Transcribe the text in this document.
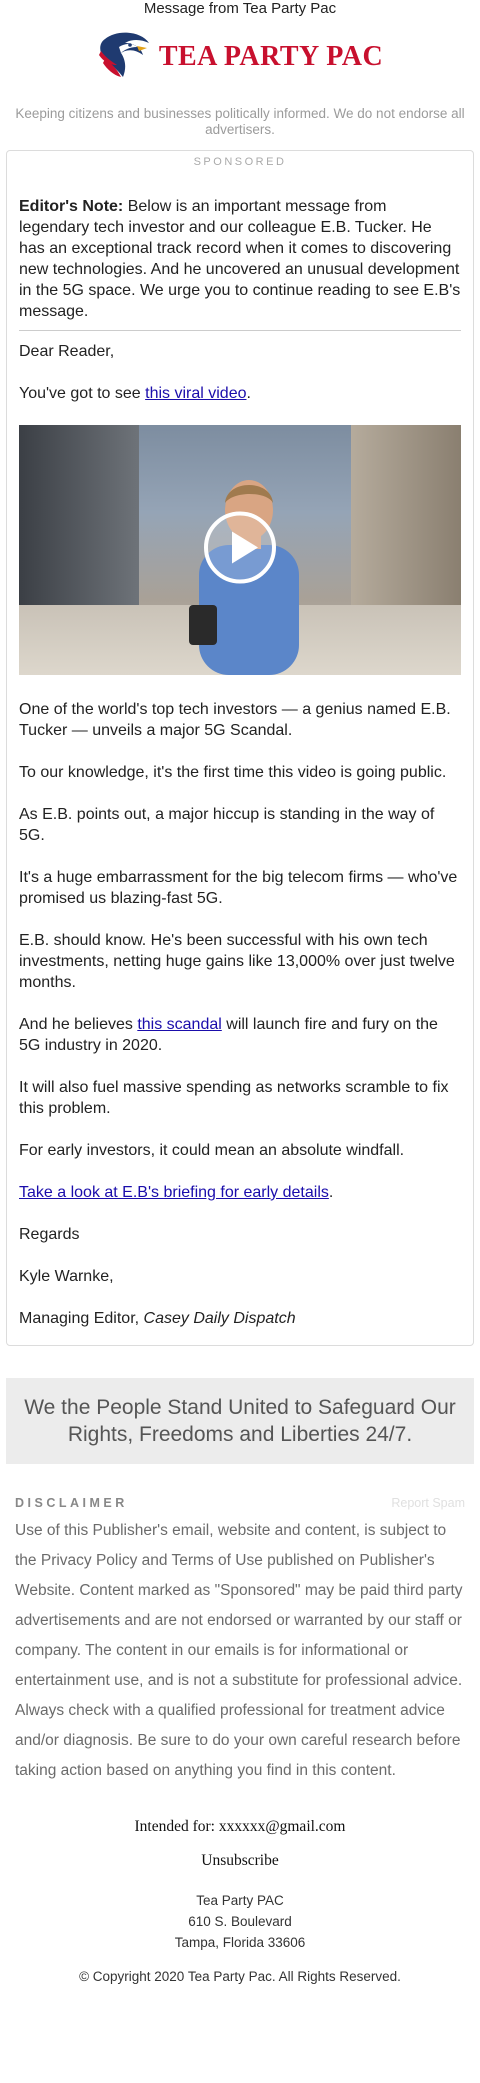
Message from Tea Party Pac
TEA PARTY PAC
Keeping citizens and businesses politically informed. We do not endorse all advertisers.
SPONSORED
Editor's Note: Below is an important message from legendary tech investor and our colleague E.B. Tucker. He has an exceptional track record when it comes to discovering new technologies. And he uncovered an unusual development in the 5G space. We urge you to continue reading to see E.B's message.

Dear Reader,

You've got to see this viral video.

One of the world's top tech investors — a genius named E.B. Tucker — unveils a major 5G Scandal.

To our knowledge, it's the first time this video is going public.

As E.B. points out, a major hiccup is standing in the way of 5G.

It's a huge embarrassment for the big telecom firms — who've promised us blazing-fast 5G.

E.B. should know. He's been successful with his own tech investments, netting huge gains like 13,000% over just twelve months.

And he believes this scandal will launch fire and fury on the 5G industry in 2020.

It will also fuel massive spending as networks scramble to fix this problem.

For early investors, it could mean an absolute windfall.

Take a look at E.B's briefing for early details.

Regards

Kyle Warnke,

Managing Editor, Casey Daily Dispatch

We the People Stand United to Safeguard Our Rights, Freedoms and Liberties 24/7.
DISCLAIMER	Report Spam
Use of this Publisher's email, website and content, is subject to the Privacy Policy and Terms of Use published on Publisher's Website. Content marked as "Sponsored" may be paid third party advertisements and are not endorsed or warranted by our staff or company. The content in our emails is for informational or entertainment use, and is not a substitute for professional advice. Always check with a qualified professional for treatment advice and/or diagnosis. Be sure to do your own careful research before taking action based on anything you find in this content.
Intended for: xxxxxx@gmail.com
Unsubscribe
Tea Party PAC
610 S. Boulevard
Tampa, Florida 33606
© Copyright 2020 Tea Party Pac. All Rights Reserved.
